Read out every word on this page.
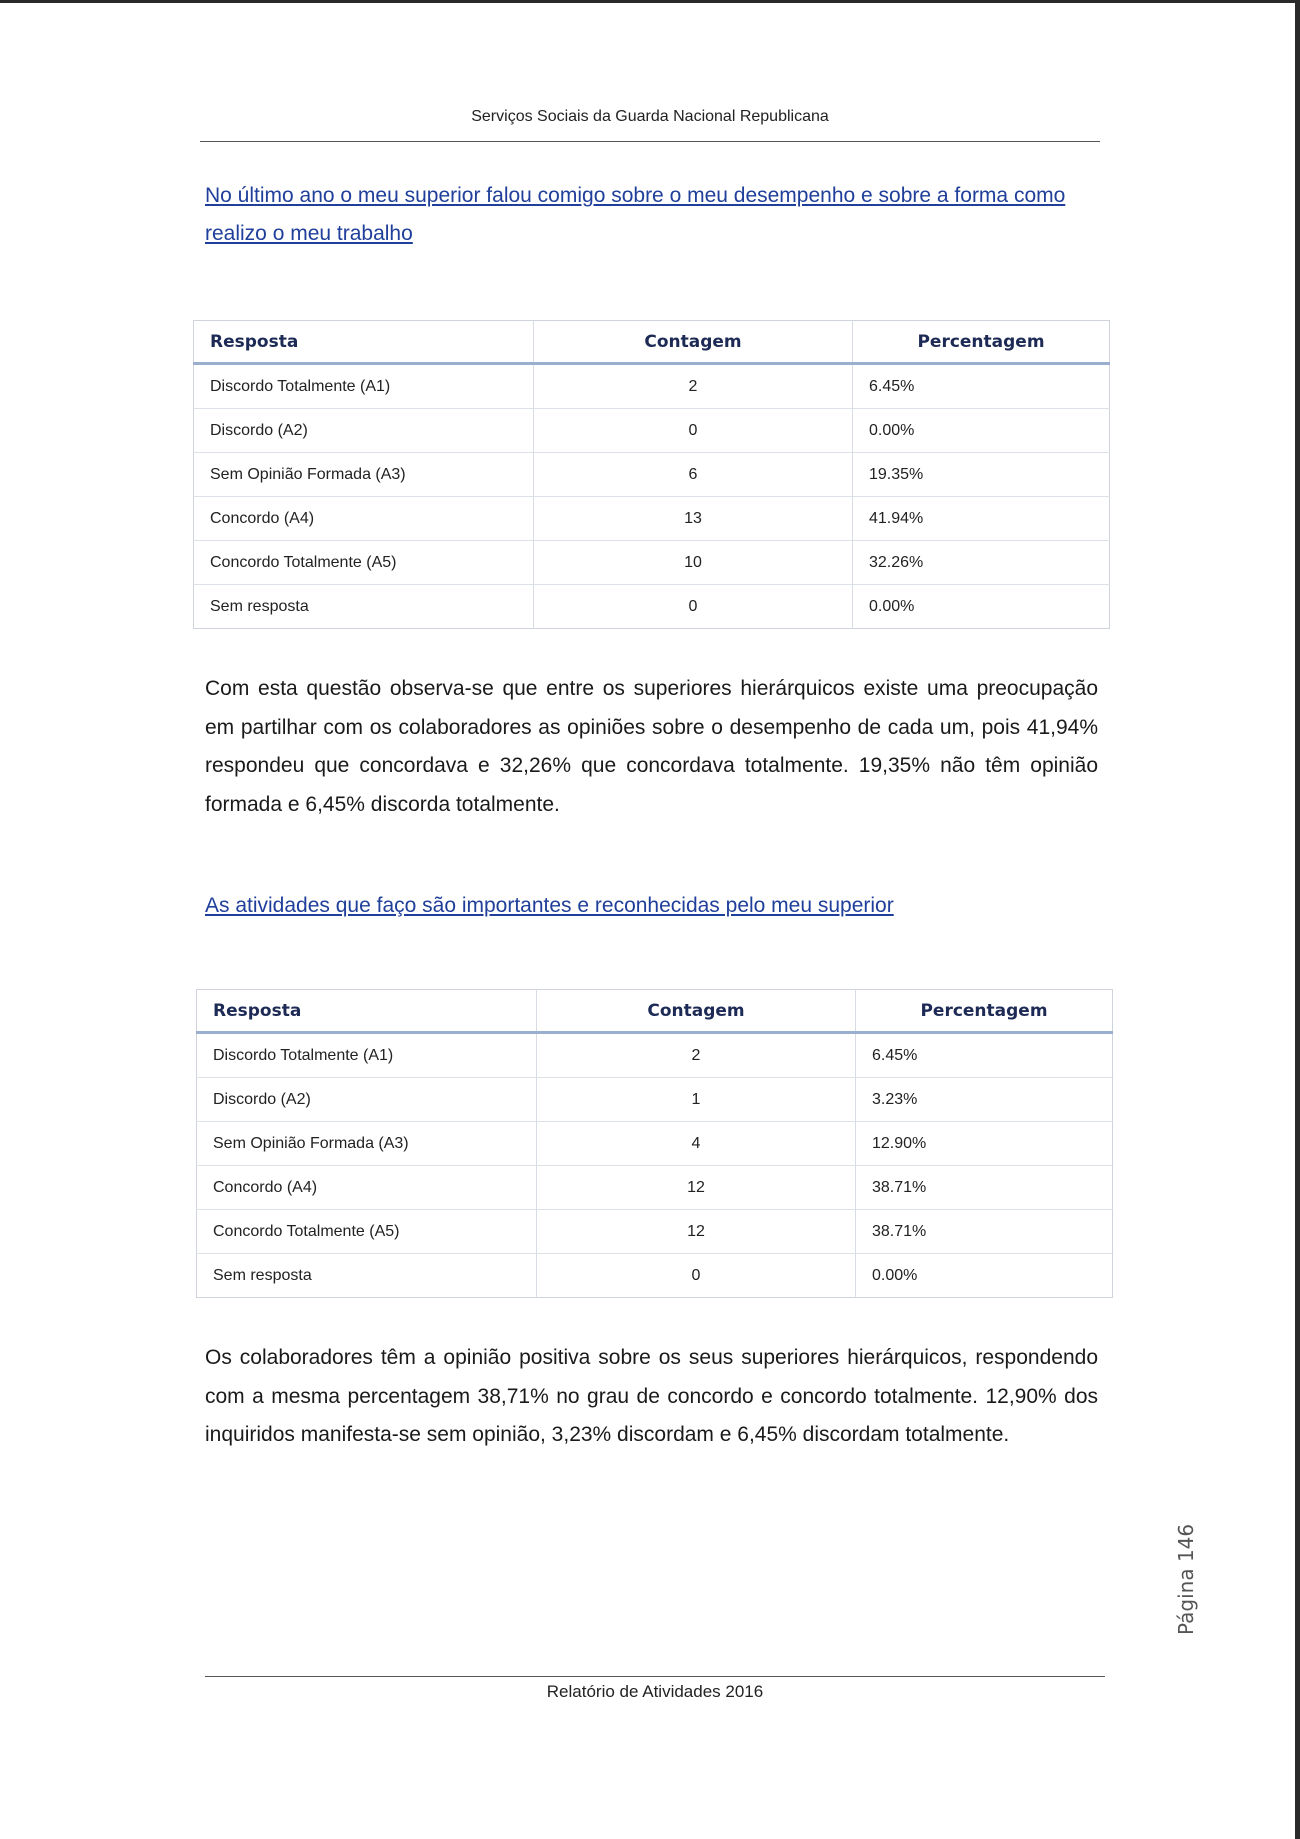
Serviços Sociais da Guarda Nacional Republicana
No último ano o meu superior falou comigo sobre o meu desempenho e sobre a forma como realizo o meu trabalho
Resposta	Contagem	Percentagem
Discordo Totalmente (A1)	2	6.45%
Discordo (A2)	0	0.00%
Sem Opinião Formada (A3)	6	19.35%
Concordo (A4)	13	41.94%
Concordo Totalmente (A5)	10	32.26%
Sem resposta	0	0.00%
Com esta questão observa-se que entre os superiores hierárquicos existe uma preocupação em partilhar com os colaboradores as opiniões sobre o desempenho de cada um, pois 41,94% respondeu que concordava e 32,26% que concordava totalmente. 19,35% não têm opinião formada e 6,45% discorda totalmente.
As atividades que faço são importantes e reconhecidas pelo meu superior
Resposta	Contagem	Percentagem
Discordo Totalmente (A1)	2	6.45%
Discordo (A2)	1	3.23%
Sem Opinião Formada (A3)	4	12.90%
Concordo (A4)	12	38.71%
Concordo Totalmente (A5)	12	38.71%
Sem resposta	0	0.00%
Os colaboradores têm a opinião positiva sobre os seus superiores hierárquicos, respondendo com a mesma percentagem 38,71% no grau de concordo e concordo totalmente. 12,90% dos inquiridos manifesta-se sem opinião, 3,23% discordam e 6,45% discordam totalmente.
Página 146
Relatório de Atividades 2016
